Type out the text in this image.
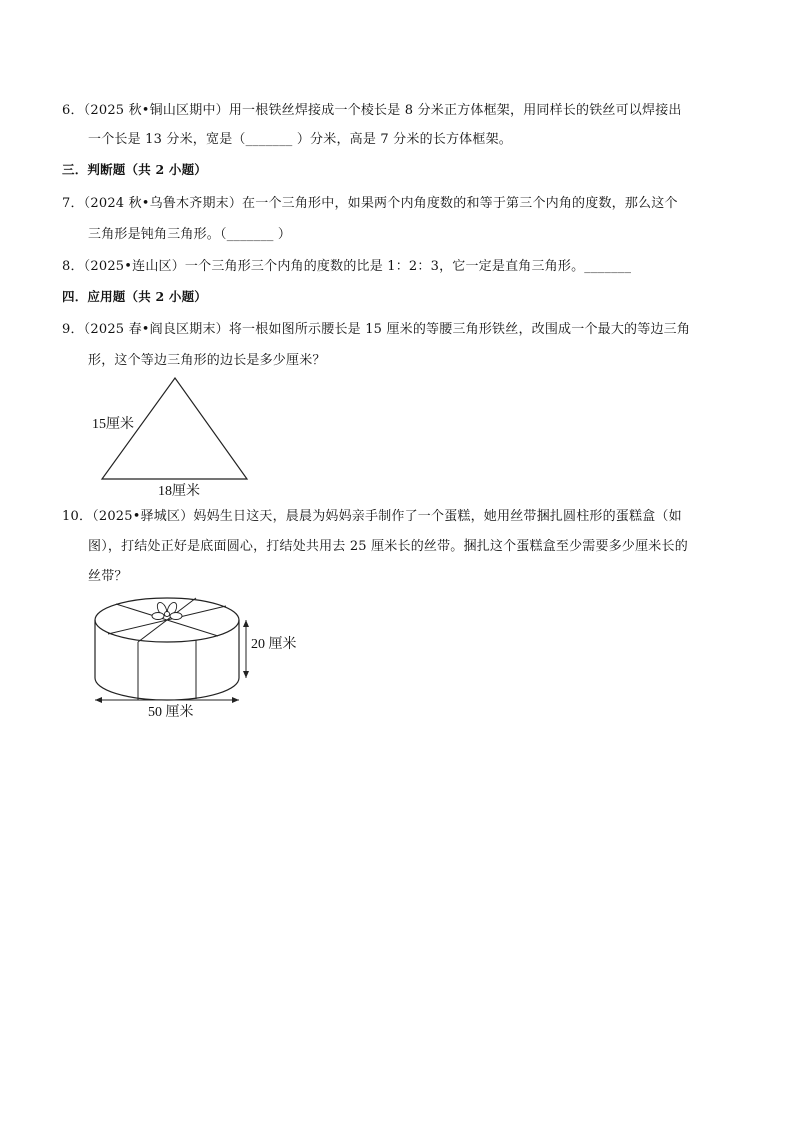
6．（2025 秋•铜山区期中）用一根铁丝焊接成一个棱长是 8 分米正方体框架，用同样长的铁丝可以焊接出
一个长是 13 分米，宽是（_______ ）分米，高是 7 分米的长方体框架。
三．判断题（共 2 小题）
7．（2024 秋•乌鲁木齐期末）在一个三角形中，如果两个内角度数的和等于第三个内角的度数，那么这个
三角形是钝角三角形。（_______ ）
8．（2025•连山区）一个三角形三个内角的度数的比是 1：2：3，它一定是直角三角形。_______
四．应用题（共 2 小题）
9．（2025 春•阎良区期末）将一根如图所示腰长是 15 厘米的等腰三角形铁丝，改围成一个最大的等边三角
形，这个等边三角形的边长是多少厘米？
15厘米
18厘米
10．（2025•驿城区）妈妈生日这天，晨晨为妈妈亲手制作了一个蛋糕，她用丝带捆扎圆柱形的蛋糕盒（如
图），打结处正好是底面圆心，打结处共用去 25 厘米长的丝带。捆扎这个蛋糕盒至少需要多少厘米长的
丝带？
20 厘米
50 厘米
